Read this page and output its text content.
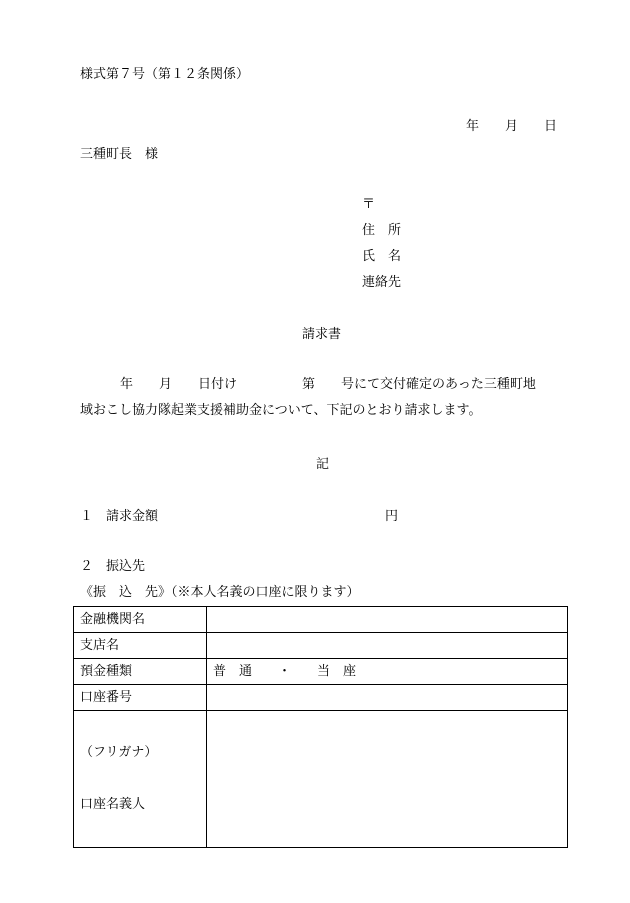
様式第７号（第１２条関係）
年　　月　　日
三種町長　様
〒
住　所
氏　名
連絡先
請求書
年　　月　　日付け　　　　　第　　号にて交付確定のあった三種町地
域おこし協力隊起業支援補助金について、下記のとおり請求します。
記
１　請求金額	円
２　振込先
《振　込　先》（※本人名義の口座に限ります）
金融機関名	
支店名	
預金種類	普　通　　・　　当　座
口座番号	

（フリガナ）

口座名義人	
